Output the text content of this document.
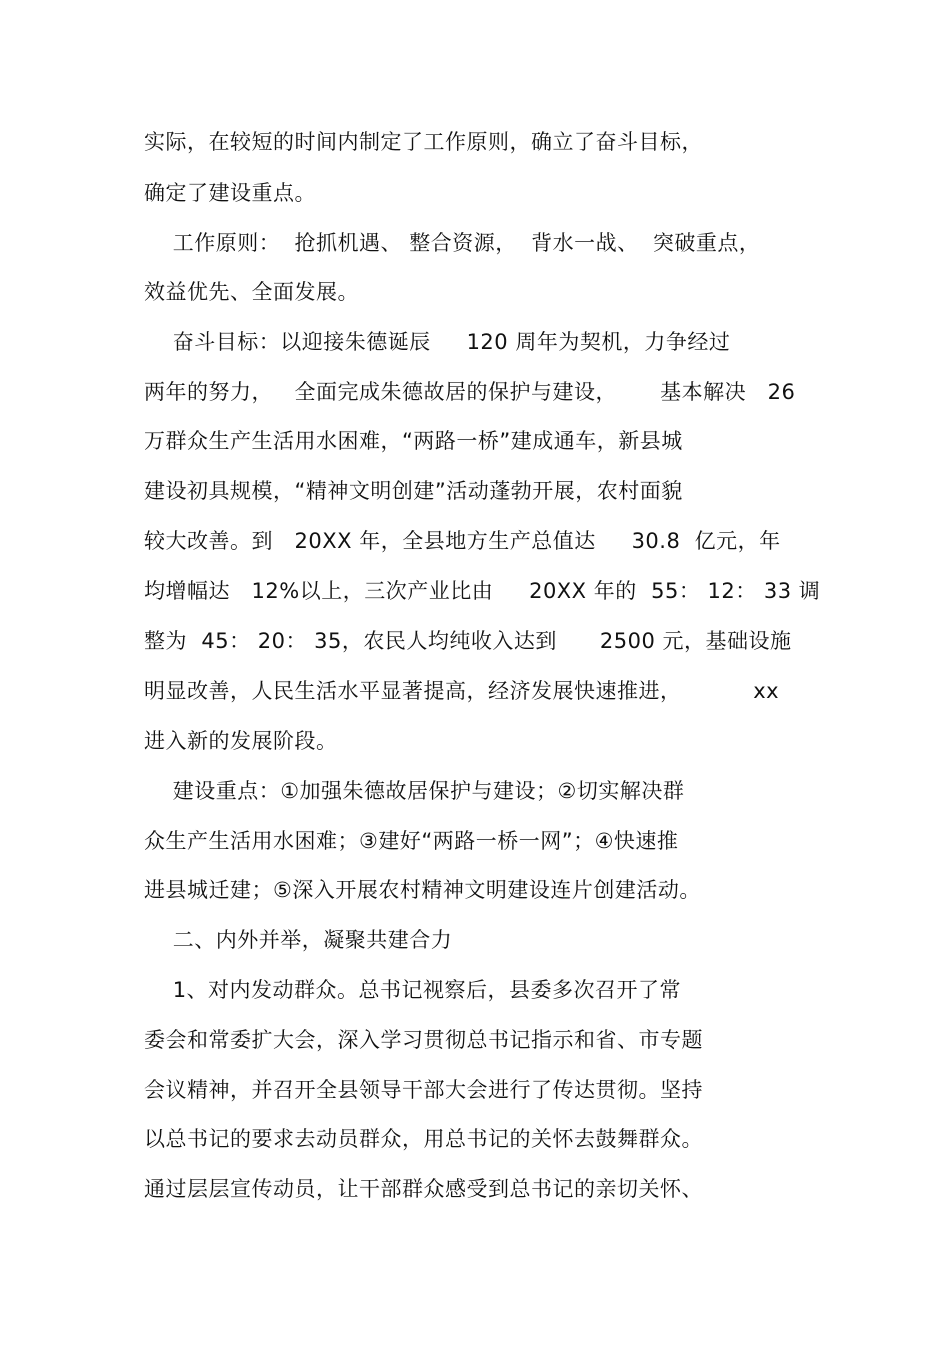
实际，在较短的时间内制定了工作原则，确立了奋斗目标，
确定了建设重点。
工作原则：  抢抓机遇、 整合资源，  背水一战、  突破重点，
效益优先、全面发展。
奋斗目标：以迎接朱德诞辰     120 周年为契机，力争经过
两年的努力，   全面完成朱德故居的保护与建设，      基本解决   26
万群众生产生活用水困难，“两路一桥”建成通车，新县城
建设初具规模，“精神文明创建”活动蓬勃开展，农村面貌
较大改善。到   20XX 年，全县地方生产总值达     30.8  亿元，年
均增幅达   12%以上，三次产业比由     20XX 年的  55： 12： 33 调
整为  45： 20： 35，农民人均纯收入达到      2500 元，基础设施
明显改善，人民生活水平显著提高，经济发展快速推进，          xx
进入新的发展阶段。
建设重点：①加强朱德故居保护与建设；②切实解决群
众生产生活用水困难；③建好“两路一桥一网”；④快速推
进县城迁建；⑤深入开展农村精神文明建设连片创建活动。
二、内外并举，凝聚共建合力
1、对内发动群众。总书记视察后，县委多次召开了常
委会和常委扩大会，深入学习贯彻总书记指示和省、市专题
会议精神，并召开全县领导干部大会进行了传达贯彻。坚持
以总书记的要求去动员群众，用总书记的关怀去鼓舞群众。
通过层层宣传动员，让干部群众感受到总书记的亲切关怀、
